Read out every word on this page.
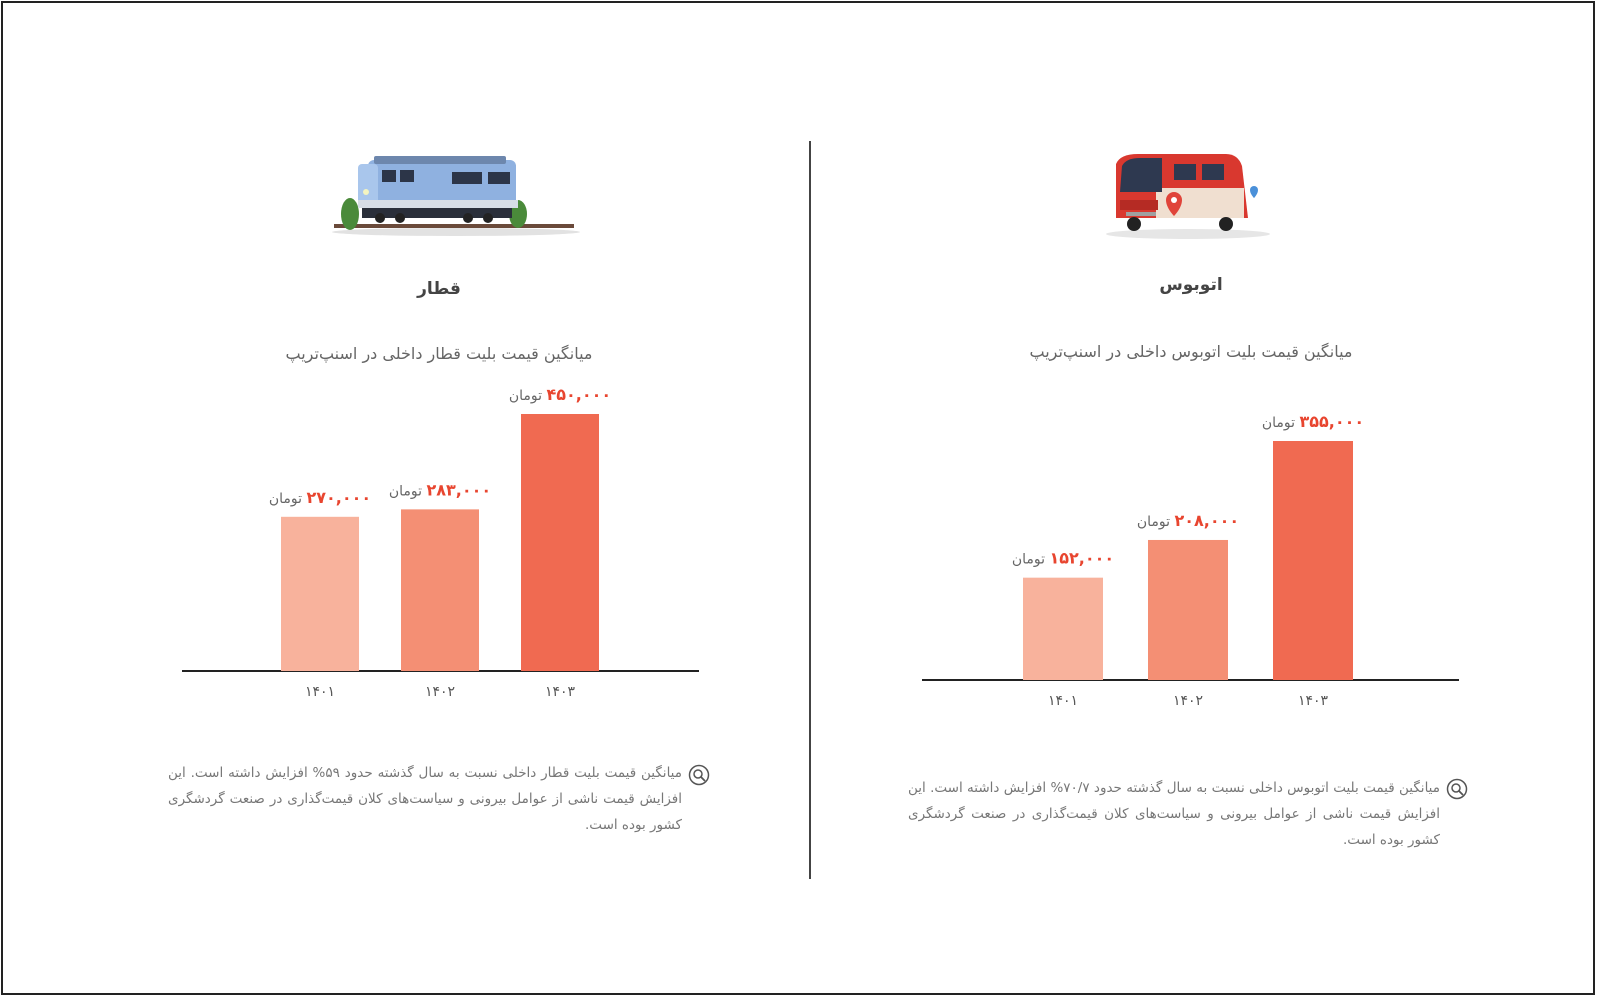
قطار
میانگین قیمت بلیت قطار داخلی در اسنپ‌تریپ
۲۷۰,۰۰۰ تومان
۱۴۰۱
۲۸۳,۰۰۰ تومان
۱۴۰۲
۴۵۰,۰۰۰ تومان
۱۴۰۳
میانگین قیمت بلیت قطار داخلی نسبت به سال گذشته حدود ۵۹% افزایش داشته است. این افزایش قیمت ناشی از عوامل بیرونی و سیاست‌های کلان قیمت‌گذاری در صنعت گردشگری کشور بوده است.
اتوبوس
میانگین قیمت بلیت اتوبوس داخلی در اسنپ‌تریپ
۱۵۲,۰۰۰ تومان
۱۴۰۱
۲۰۸,۰۰۰ تومان
۱۴۰۲
۳۵۵,۰۰۰ تومان
۱۴۰۳
میانگین قیمت بلیت اتوبوس داخلی نسبت به سال گذشته حدود ۷۰/۷% افزایش داشته است. این افزایش قیمت ناشی از عوامل بیرونی و سیاست‌های کلان قیمت‌گذاری در صنعت گردشگری کشور بوده است.
